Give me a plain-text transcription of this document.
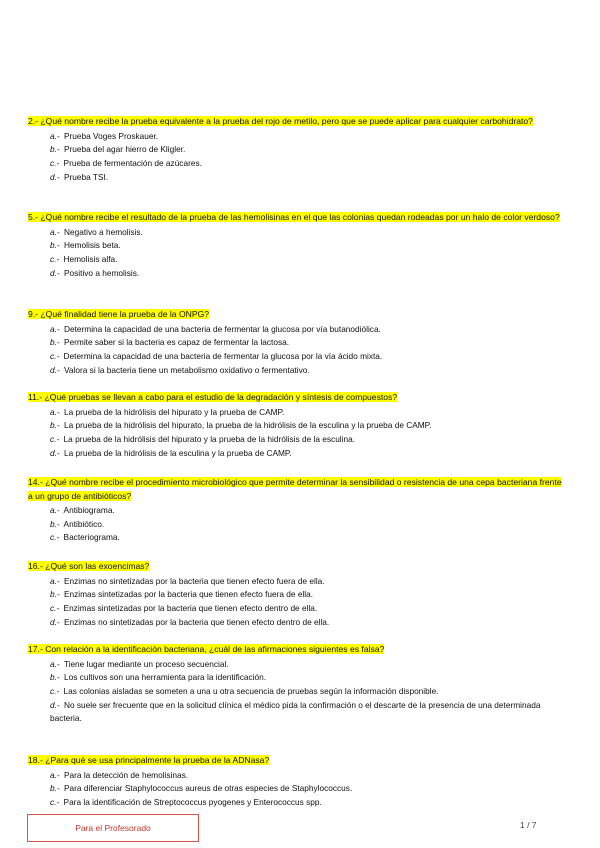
2.- ¿Qué nombre recibe la prueba equivalente a la prueba del rojo de metilo, pero que se puede aplicar para cualquier carbohidrato?

a.- Prueba Voges Proskauer.
b.- Prueba del agar hierro de Kligler.
c.- Prueba de fermentación de azúcares.
d.- Prueba TSI.

5.- ¿Qué nombre recibe el resultado de la prueba de las hemolisinas en el que las colonias quedan rodeadas por un halo de color verdoso?

a.- Negativo a hemolisis.
b.- Hemolisis beta.
c.- Hemolisis alfa.
d.- Positivo a hemolisis.

9.- ¿Qué finalidad tiene la prueba de la ONPG?

a.- Determina la capacidad de una bacteria de fermentar la glucosa por vía butanodiólica.
b.- Permite saber si la bacteria es capaz de fermentar la lactosa.
c.- Determina la capacidad de una bacteria de fermentar la glucosa por la vía ácido mixta.
d.- Valora si la bacteria tiene un metabolismo oxidativo o fermentativo.

11.- ¿Qué pruebas se llevan a cabo para el estudio de la degradación y síntesis de compuestos?

a.- La prueba de la hidrólisis del hipurato y la prueba de CAMP.
b.- La prueba de la hidrólisis del hipurato, la prueba de la hidrólisis de la esculina y la prueba de CAMP.
c.- La prueba de la hidrólisis del hipurato y la prueba de la hidrólisis de la esculina.
d.- La prueba de la hidrólisis de la esculina y la prueba de CAMP.

14.- ¿Qué nombre recibe el procedimiento microbiológico que permite determinar la sensibilidad o resistencia de una cepa bacteriana frente a un grupo de antibióticos?

a.- Antibiograma.
b.- Antibiótico.
c.- Bacteriograma.

16.- ¿Qué son las exoencimas?

a.- Enzimas no sintetizadas por la bacteria que tienen efecto fuera de ella.
b.- Enzimas sintetizadas por la bacteria que tienen efecto fuera de ella.
c.- Enzimas sintetizadas por la bacteria que tienen efecto dentro de ella.
d.- Enzimas no sintetizadas por la bacteria que tienen efecto dentro de ella.

17.- Con relación a la identificación bacteriana, ¿cuál de las afirmaciones siguientes es falsa?

a.- Tiene lugar mediante un proceso secuencial.
b.- Los cultivos son una herramienta para la identificación.
c.- Las colonias aisladas se someten a una u otra secuencia de pruebas según la información disponible.
d.- No suele ser frecuente que en la solicitud clínica el médico pida la confirmación o el descarte de la presencia de una determinada bacteria.

18.- ¿Para qué se usa principalmente la prueba de la ADNasa?

a.- Para la detección de hemolisinas.
b.- Para diferenciar Staphylococcus aureus de otras especies de Staphylococcus.
c.- Para la identificación de Streptococcus pyogenes y Enterococcus spp.
Para el Profesorado	1 / 7
